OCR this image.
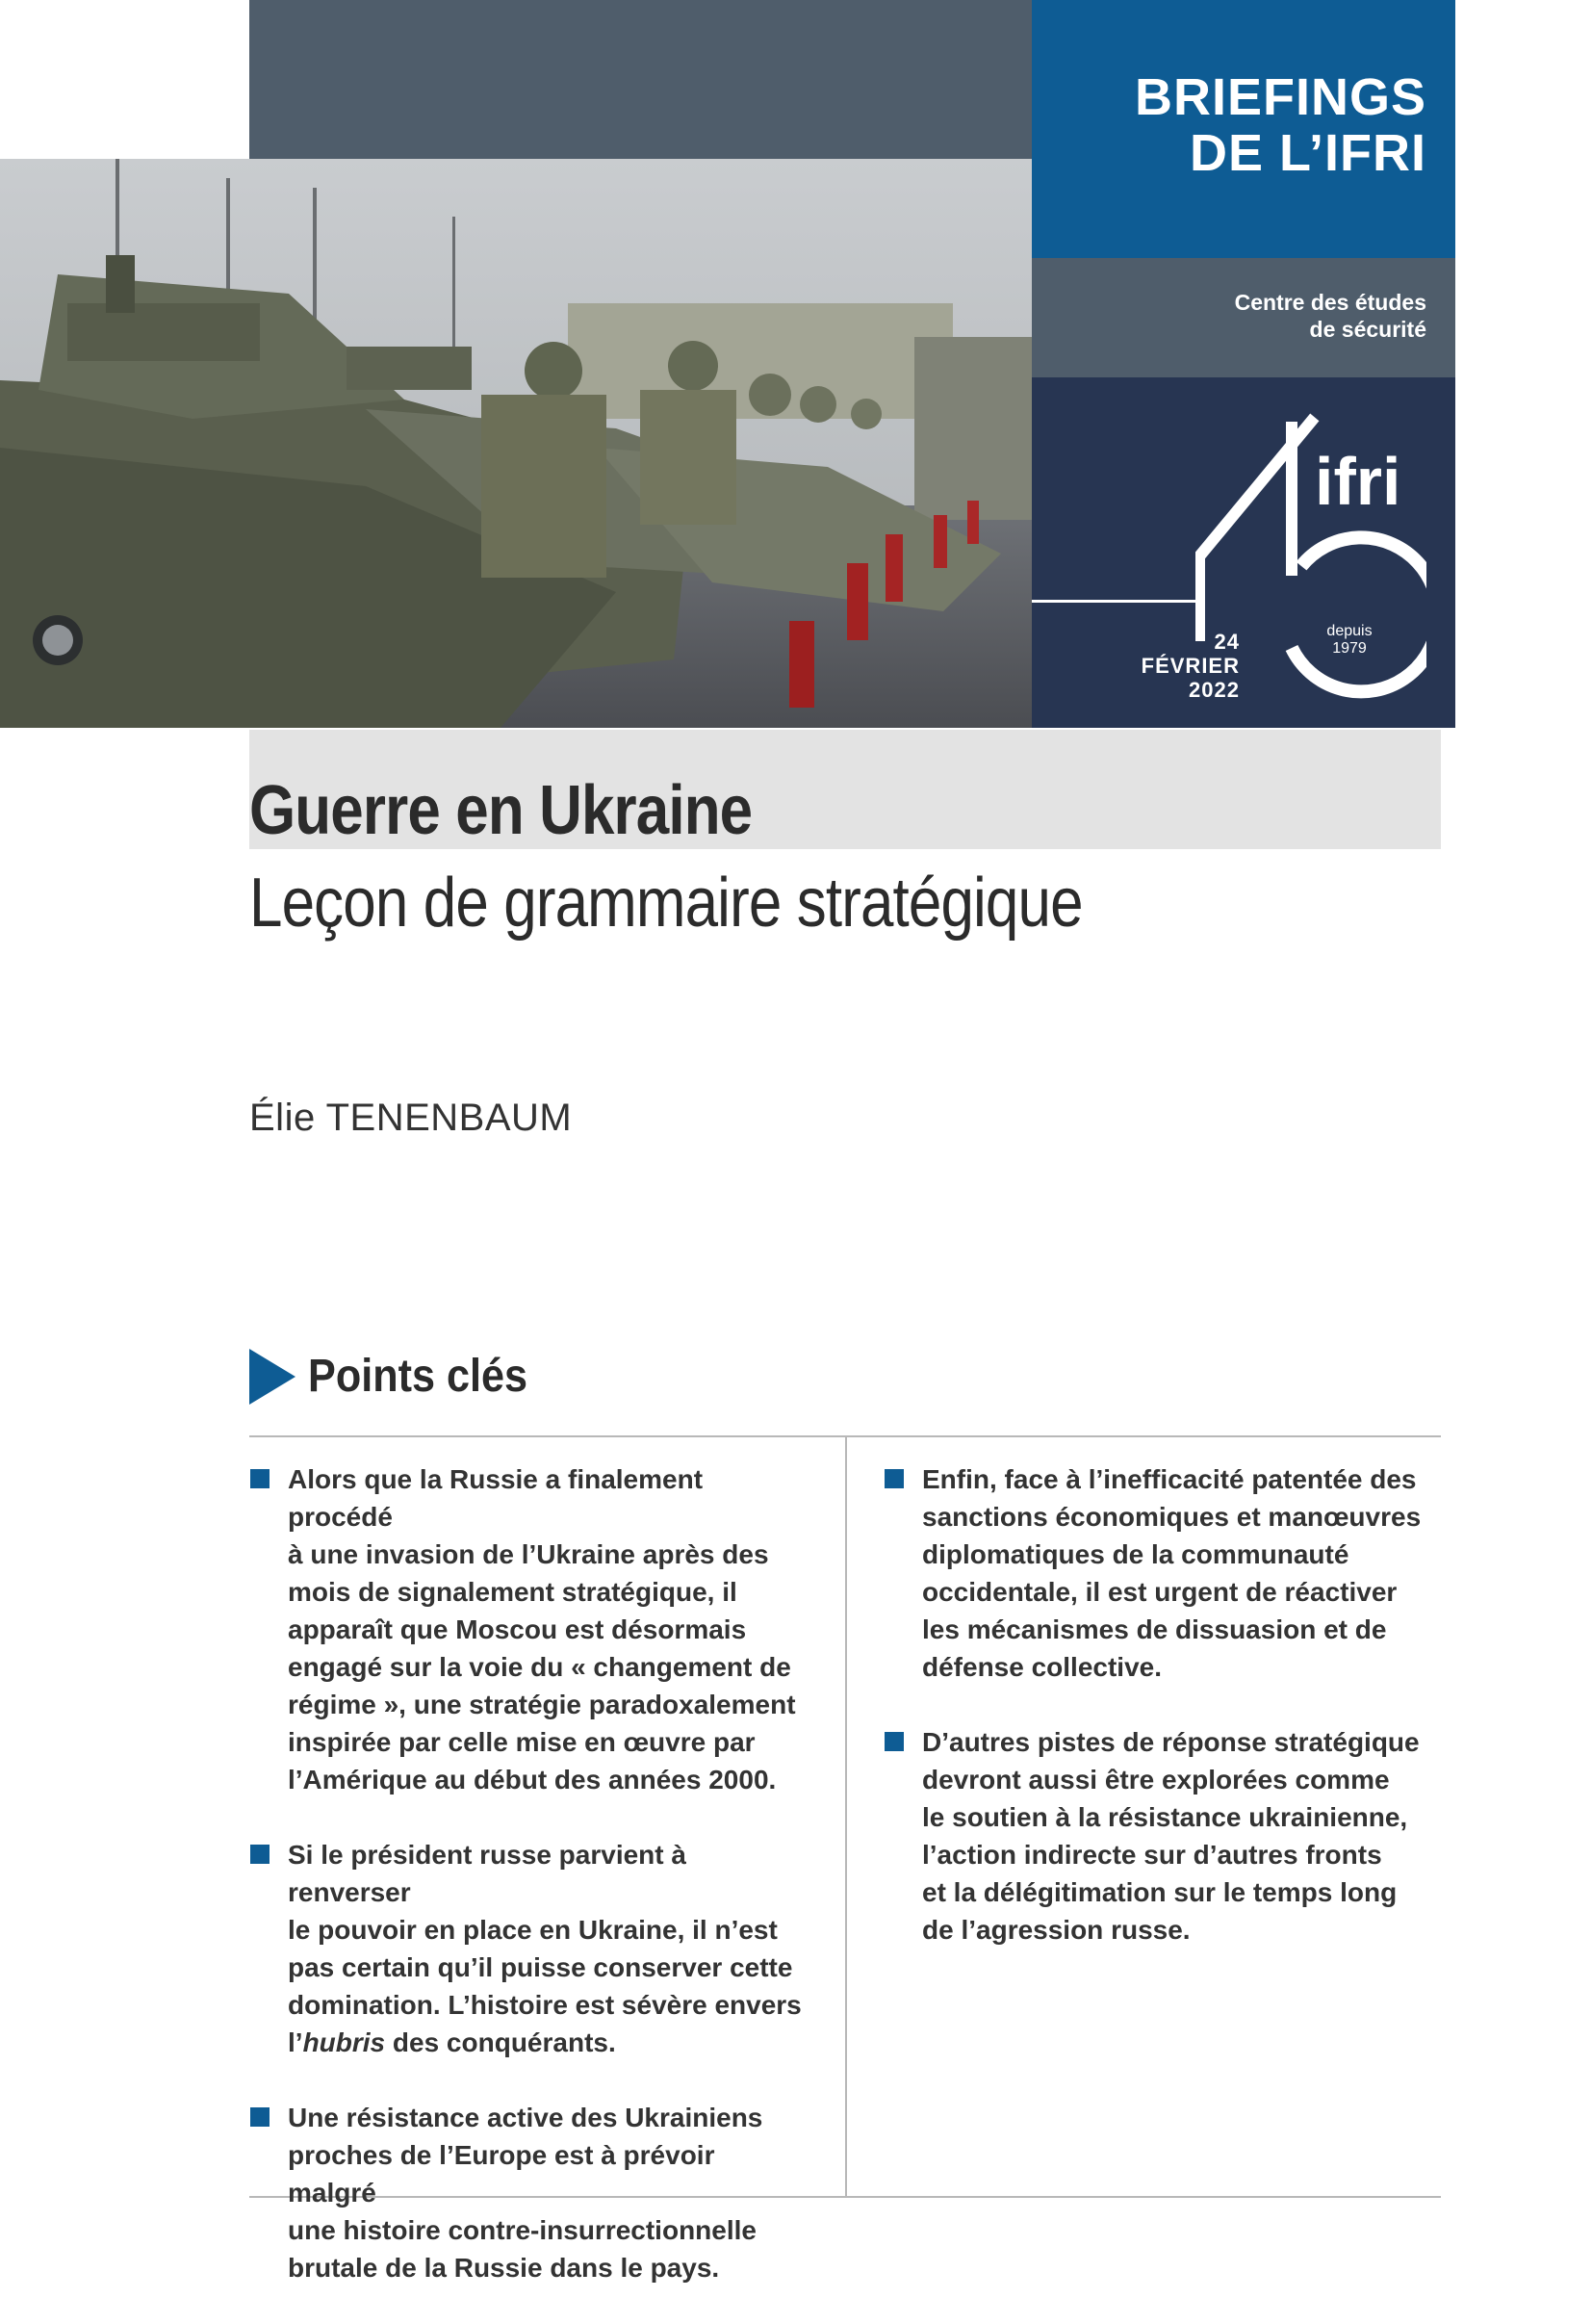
BRIEFINGS
DE L’IFRI
Centre des études
de sécurité
24
FÉVRIER
2022
ifri
depuis
1979
Guerre en Ukraine
Leçon de grammaire stratégique
Élie TENENBAUM
Points clés
Alors que la Russie a finalement procédé
à une invasion de l’Ukraine après des
mois de signalement stratégique, il
apparaît que Moscou est désormais
engagé sur la voie du « changement de
régime », une stratégie paradoxalement
inspirée par celle mise en œuvre par
l’Amérique au début des années 2000.
Si le président russe parvient à renverser
le pouvoir en place en Ukraine, il n’est
pas certain qu’il puisse conserver cette
domination. L’histoire est sévère envers
l’hubris des conquérants.
Une résistance active des Ukrainiens
proches de l’Europe est à prévoir malgré
une histoire contre-insurrectionnelle
brutale de la Russie dans le pays.
Enfin, face à l’inefficacité patentée des
sanctions économiques et manœuvres
diplomatiques de la communauté
occidentale, il est urgent de réactiver
les mécanismes de dissuasion et de
défense collective.
D’autres pistes de réponse stratégique
devront aussi être explorées comme
le soutien à la résistance ukrainienne,
l’action indirecte sur d’autres fronts
et la délégitimation sur le temps long
de l’agression russe.
